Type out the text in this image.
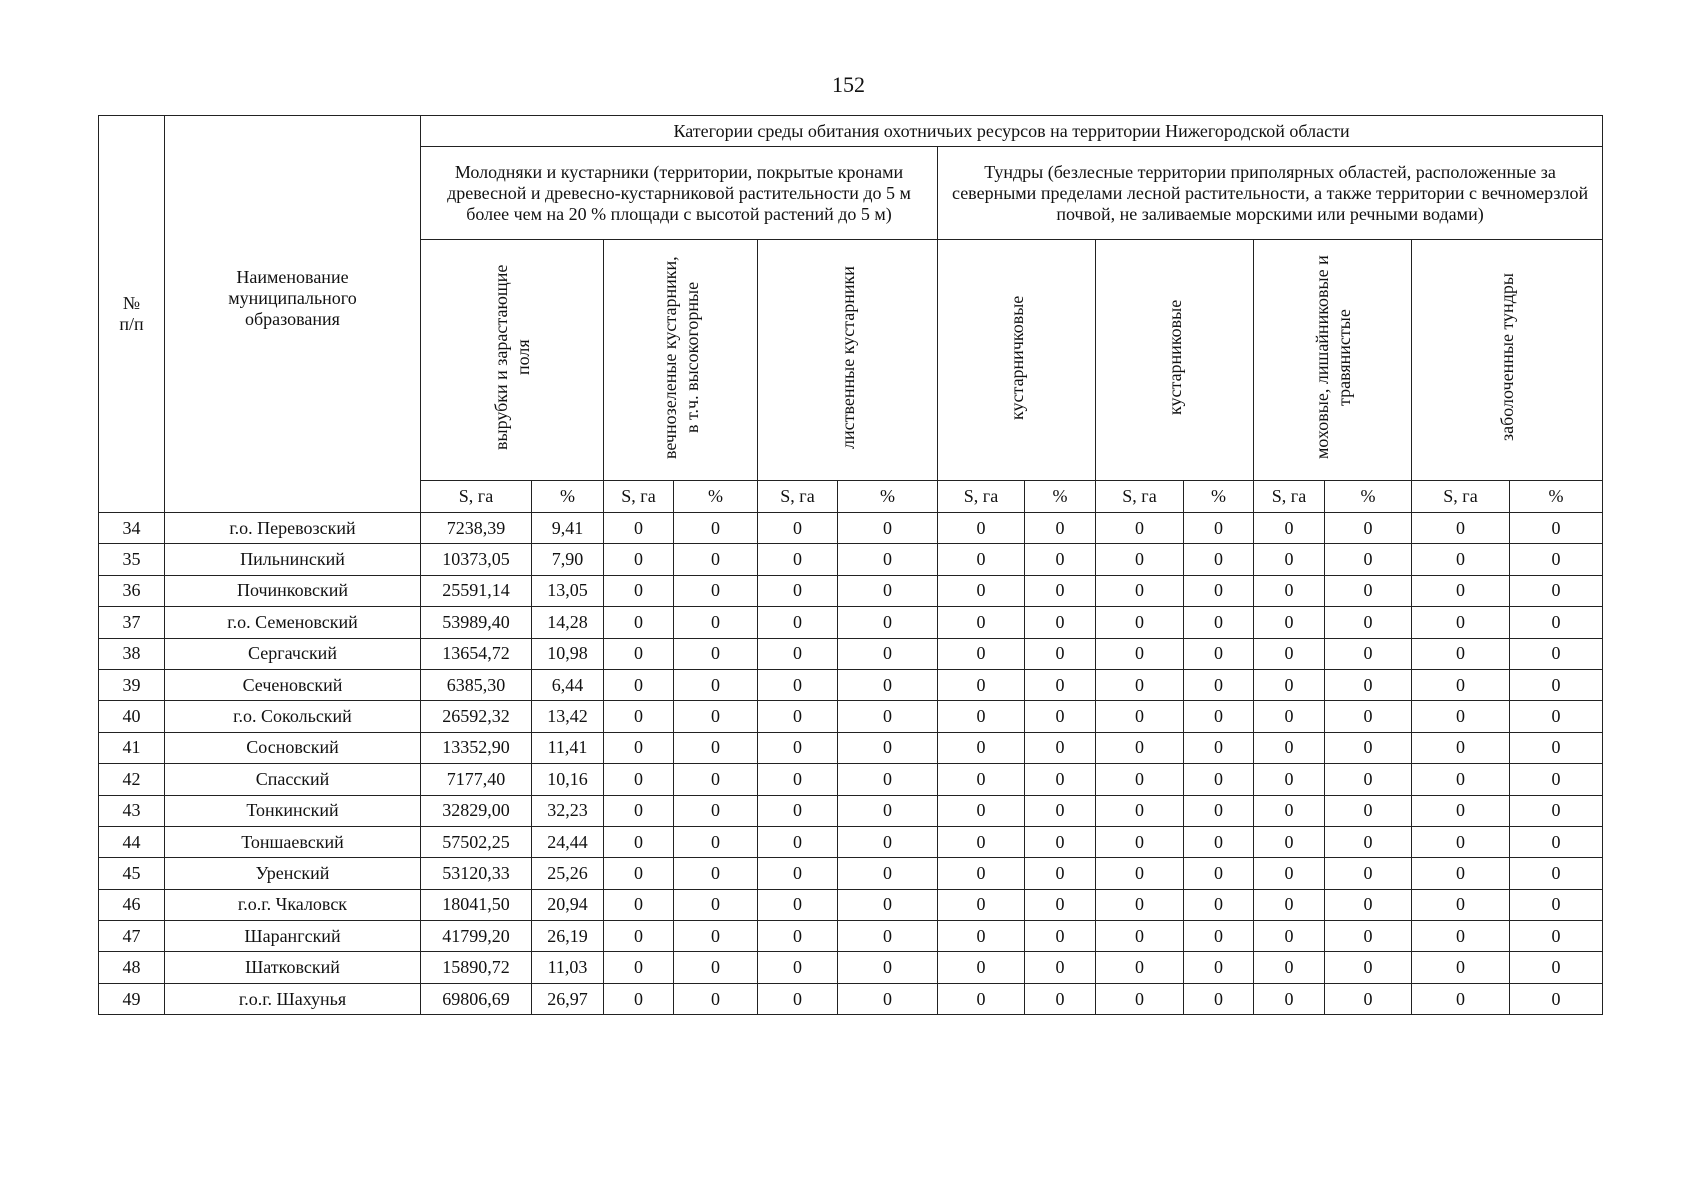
152
№
п/п	Наименование
муниципального
образования	Категории среды обитания охотничьих ресурсов на территории Нижегородской области													
		Молодняки и кустарники (территории, покрытые кронами древесной и древесно-кустарниковой растительности до 5 м более чем на 20 % площади с высотой растений до 5 м)						Тундры (безлесные территории приполярных областей, расположенные за северными пределами лесной растительности, а также территории с вечномерзлой почвой, не заливаемые морскими или речными водами)							
		вырубки и зарастающие поля		вечнозеленые кустарники, в т.ч. высокогорные		лиственные кустарники		кустарничковые		кустарниковые		моховые, лишайниковые и травянистые		заболоченные тундры	
		S, га	%	S, га	%	S, га	%	S, га	%	S, га	%	S, га	%	S, га	%
34	г.о. Перевозский	7238,39	9,41	0	0	0	0	0	0	0	0	0	0	0	0
35	Пильнинский	10373,05	7,90	0	0	0	0	0	0	0	0	0	0	0	0
36	Починковский	25591,14	13,05	0	0	0	0	0	0	0	0	0	0	0	0
37	г.о. Семеновский	53989,40	14,28	0	0	0	0	0	0	0	0	0	0	0	0
38	Сергачский	13654,72	10,98	0	0	0	0	0	0	0	0	0	0	0	0
39	Сеченовский	6385,30	6,44	0	0	0	0	0	0	0	0	0	0	0	0
40	г.о. Сокольский	26592,32	13,42	0	0	0	0	0	0	0	0	0	0	0	0
41	Сосновский	13352,90	11,41	0	0	0	0	0	0	0	0	0	0	0	0
42	Спасский	7177,40	10,16	0	0	0	0	0	0	0	0	0	0	0	0
43	Тонкинский	32829,00	32,23	0	0	0	0	0	0	0	0	0	0	0	0
44	Тоншаевский	57502,25	24,44	0	0	0	0	0	0	0	0	0	0	0	0
45	Уренский	53120,33	25,26	0	0	0	0	0	0	0	0	0	0	0	0
46	г.о.г. Чкаловск	18041,50	20,94	0	0	0	0	0	0	0	0	0	0	0	0
47	Шарангский	41799,20	26,19	0	0	0	0	0	0	0	0	0	0	0	0
48	Шатковский	15890,72	11,03	0	0	0	0	0	0	0	0	0	0	0	0
49	г.о.г. Шахунья	69806,69	26,97	0	0	0	0	0	0	0	0	0	0	0	0
